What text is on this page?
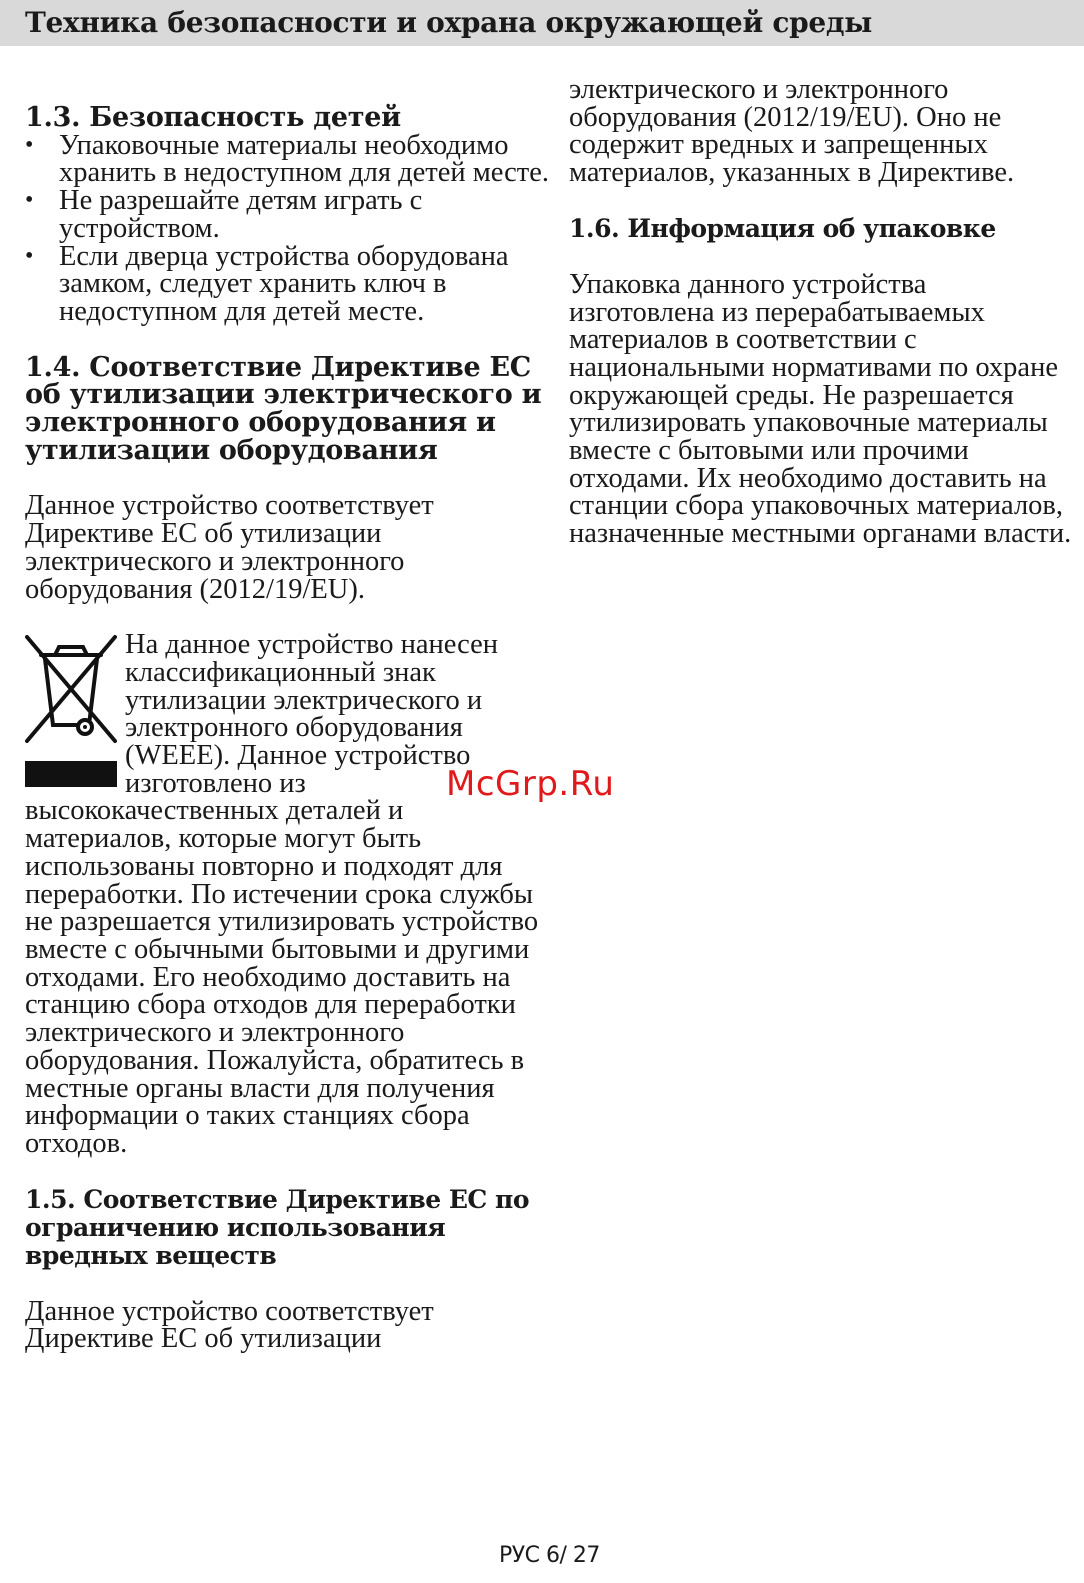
Техника безопасности и охрана окружающей среды
1.3. Безопасность детей
• Упаковочные материалы необходимо хранить в недоступном для детей месте.
• Не разрешайте детям играть с устройством.
• Если дверца устройства оборудована замком, следует хранить ключ в недоступном для детей месте.
1.4. Соответствие Директиве ЕС об утилизации электрического и электронного оборудования и утилизации оборудования

Данное устройство соответствует Директиве ЕС об утилизации электрического и электронного оборудования (2012/19/EU).

На данное устройство нанесен классификационный знак утилизации электрического и электронного оборудования (WEEE). Данное устройство изготовлено из высококачественных деталей и материалов, которые могут быть использованы повторно и подходят для переработки. По истечении срока службы не разрешается утилизировать устройство вместе с обычными бытовыми и другими отходами. Его необходимо доставить на станцию сбора отходов для переработки электрического и электронного оборудования. Пожалуйста, обратитесь в местные органы власти для получения информации о таких станциях сбора отходов.

1.5. Соответствие Директиве ЕС по ограничению использования вредных веществ

Данное устройство соответствует Директиве ЕС об утилизации

электрического и электронного оборудования (2012/19/EU). Оно не содержит вредных и запрещенных материалов, указанных в Директиве.

1.6. Информация об упаковке

Упаковка данного устройства изготовлена из перерабатываемых материалов в соответствии с национальными нормативами по охране окружающей среды. Не разрешается утилизировать упаковочные материалы вместе с бытовыми или прочими отходами. Их необходимо доставить на станции сбора упаковочных материалов, назначенные местными органами власти.

McGrp.Ru
РУС 6/ 27
